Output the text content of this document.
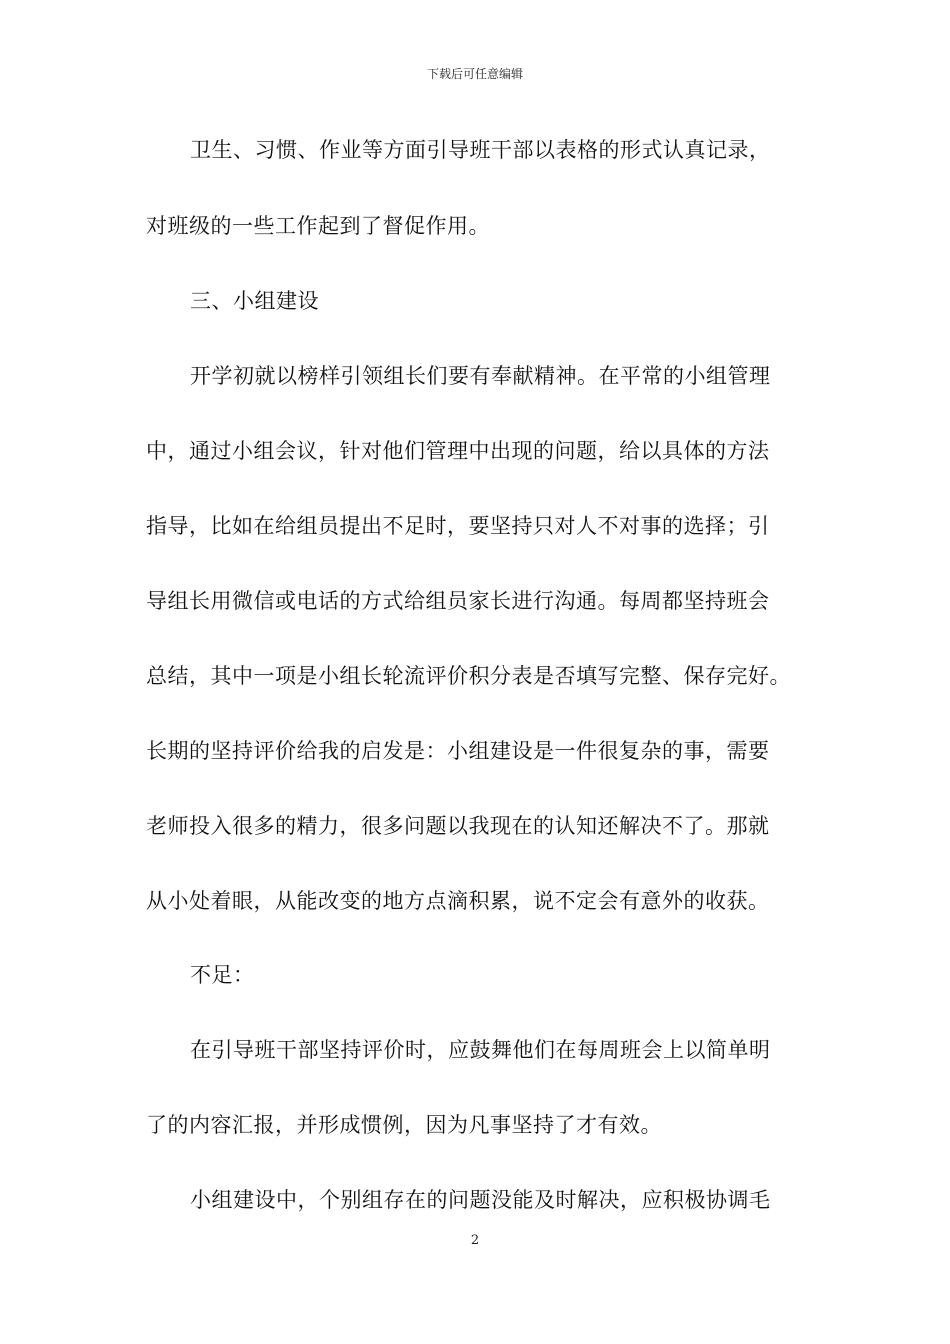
下载后可任意编辑
卫生、习惯、作业等方面引导班干部以表格的形式认真记录，
对班级的一些工作起到了督促作用。
三、小组建设
开学初就以榜样引领组长们要有奉献精神。在平常的小组管理
中，通过小组会议，针对他们管理中出现的问题，给以具体的方法
指导，比如在给组员提出不足时，要坚持只对人不对事的选择；引
导组长用微信或电话的方式给组员家长进行沟通。每周都坚持班会
总结，其中一项是小组长轮流评价积分表是否填写完整、保存完好。
长期的坚持评价给我的启发是：小组建设是一件很复杂的事，需要
老师投入很多的精力，很多问题以我现在的认知还解决不了。那就
从小处着眼，从能改变的地方点滴积累，说不定会有意外的收获。
不足：
在引导班干部坚持评价时，应鼓舞他们在每周班会上以简单明
了的内容汇报，并形成惯例，因为凡事坚持了才有效。
小组建设中，个别组存在的问题没能及时解决，应积极协调毛
2
